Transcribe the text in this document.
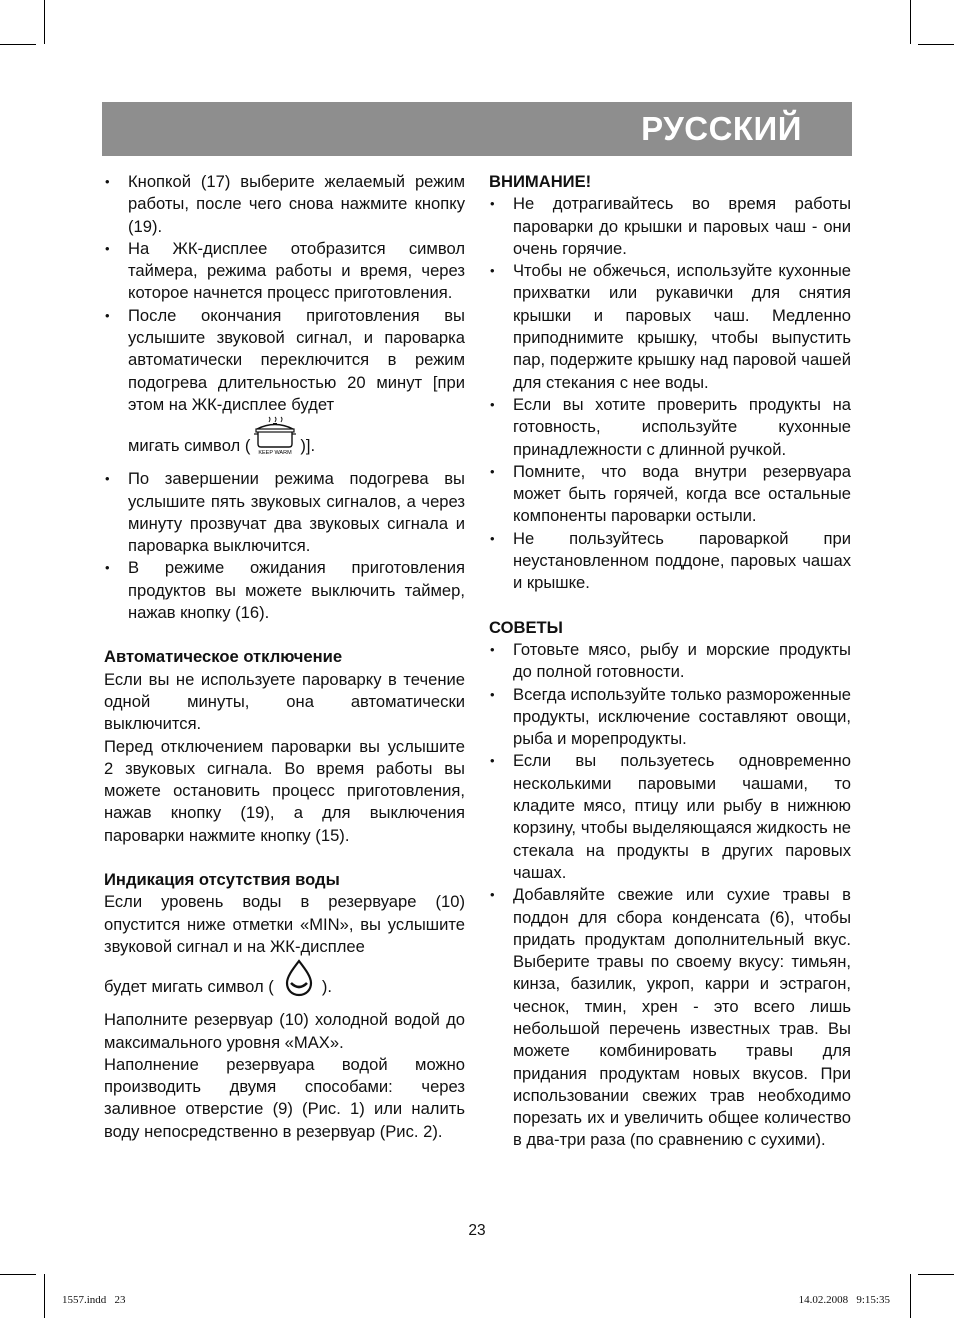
РУССКИЙ
• Кнопкой (17) выберите желаемый режим работы, после чего снова нажмите кнопку (19).
• На ЖК-дисплее отобразится символ таймера, режима работы и время, через которое начнется процесс приготовления.
• После окончания приготовления вы услышите звуковой сигнал, и пароварка автоматически переключится в режим подогрева длительностью 20 минут [при этом на ЖК-дисплее будет
мигать символ ( KEEP WARM )].
• По завершении режима подогрева вы услышите пять звуковых сигналов, а через минуту прозвучат два звуковых сигнала и пароварка выключится.
• В режиме ожидания приготовления продуктов вы можете выключить таймер, нажав кнопку (16).

Автоматическое отключение

Если вы не используете пароварку в течение одной минуты, она автоматически выключится.

Перед отключением пароварки вы услышите 2 звуковых сигнала. Во время работы вы можете остановить процесс приготовления, нажав кнопку (19), а для выключения пароварки нажмите кнопку (15).

Индикация отсутствия воды

Если уровень воды в резервуаре (10) опустится ниже отметки «MIN», вы услышите звуковой сигнал и на ЖК-дисплее

будет мигать символ (	).

Наполните резервуар (10) холодной водой до максимального уровня «MAX».

Наполнение резервуара водой можно производить двумя способами: через заливное отверстие (9) (Рис. 1) или налить воду непосредственно в резервуар (Рис. 2).

ВНИМАНИЕ!

• Не дотрагивайтесь во время работы пароварки до крышки и паровых чаш - они очень горячие.
• Чтобы не обжечься, используйте кухонные прихватки или рукавички для снятия крышки и паровых чаш. Медленно приподнимите крышку, чтобы выпустить пар, подержите крышку над паровой чашей для стекания с нее воды.
• Если вы хотите проверить продукты на готовность, используйте кухонные принадлежности с длинной ручкой.
• Помните, что вода внутри резервуара может быть горячей, когда все остальные компоненты пароварки остыли.
• Не пользуйтесь пароваркой при неустановленном поддоне, паровых чашах и крышке.

СОВЕТЫ

• Готовьте мясо, рыбу и морские продукты до полной готовности.
• Всегда используйте только размороженные продукты, исключение составляют овощи, рыба и морепродукты.
• Если вы пользуетесь одновременно несколькими паровыми чашами, то кладите мясо, птицу или рыбу в нижнюю корзину, чтобы выделяющаяся жидкость не стекала на продукты в других паровых чашах.
• Добавляйте свежие или сухие травы в поддон для сбора конденсата (6), чтобы придать продуктам дополнительный вкус. Выберите травы по своему вкусу: тимьян, кинза, базилик, укроп, карри и эстрагон, чеснок, тмин, хрен - это всего лишь небольшой перечень известных трав. Вы можете комбинировать травы для придания продуктам новых вкусов. При использовании свежих трав необходимо порезать их и увеличить общее количество в два-три раза (по сравнению с сухими).
23
1557.indd   23	14.02.2008   9:15:35
